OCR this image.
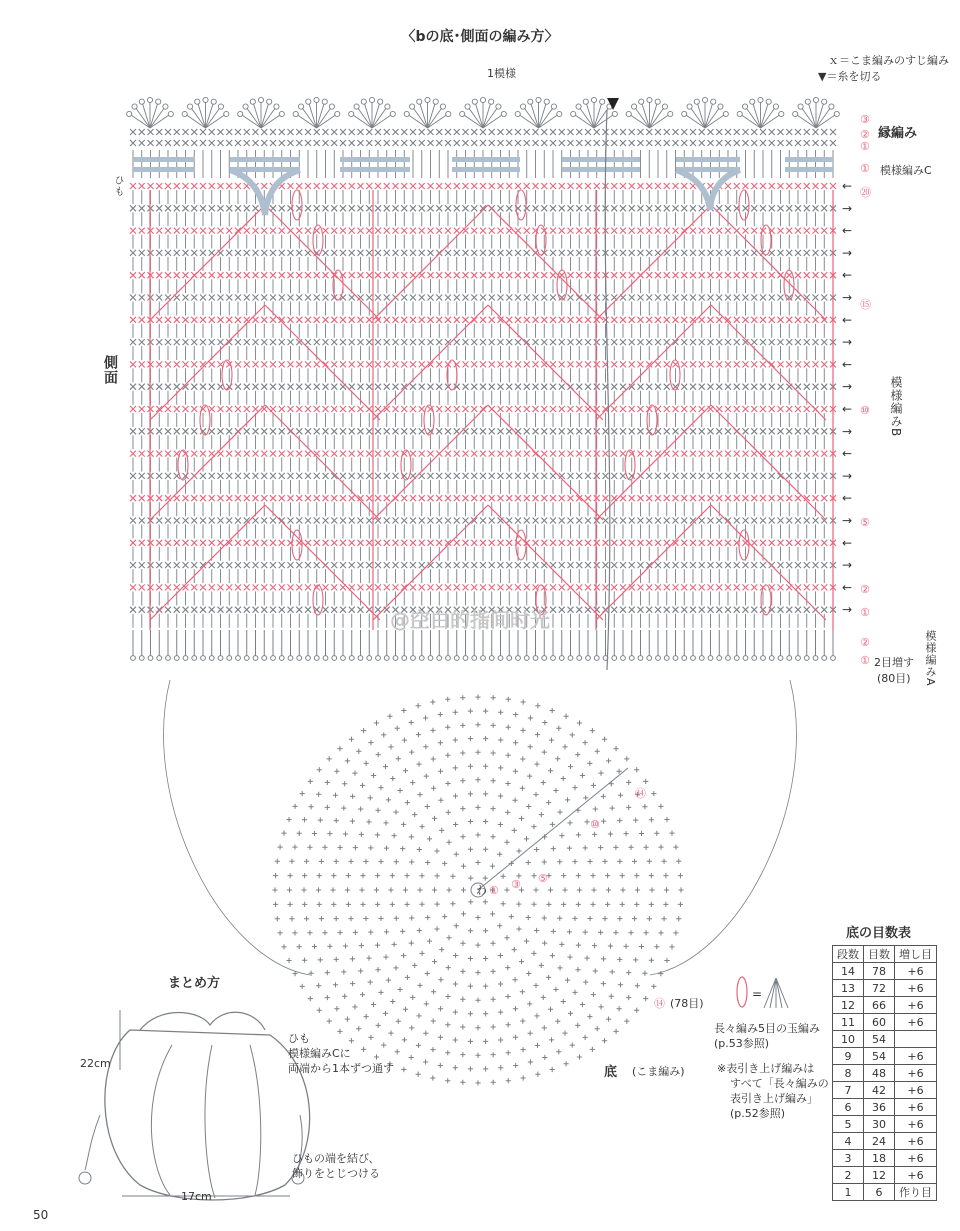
←
→
←
→
←
→
←
→
←
→
←
→
←
→
←
→
←
→
←
→
=
〈bの底･側面の編み方〉
ｘ＝こま編みのすじ編み
▼＝糸を切る
1模様
側面
ひも
縁編み
模様編みC
模様編みB
模様編みA
2目増す
(80目)
③
②
①
①
⑳
⑮
⑩
⑤
②
①
②
①
底 (こま編み)
⑭ (78目)
⑭
⑩
⑤
③
①
わ
長々編み5目の玉編み
(p.53参照)
※表引き上げ編みは
すべて「長々編みの
表引き上げ編み」
(p.52参照)
まとめ方
22cm
17cm
ひも
模様編みCに
両端から1本ずつ通す
ひもの端を結び、
飾りをとじつける
底の目数表
段数	目数	増し目
14	78	+6
13	72	+6
12	66	+6
11	60	+6
10	54	
9	54	+6
8	48	+6
7	42	+6
6	36	+6
5	30	+6
4	24	+6
3	18	+6
2	12	+6
1	6	作り目
@空白的指间时光
50
